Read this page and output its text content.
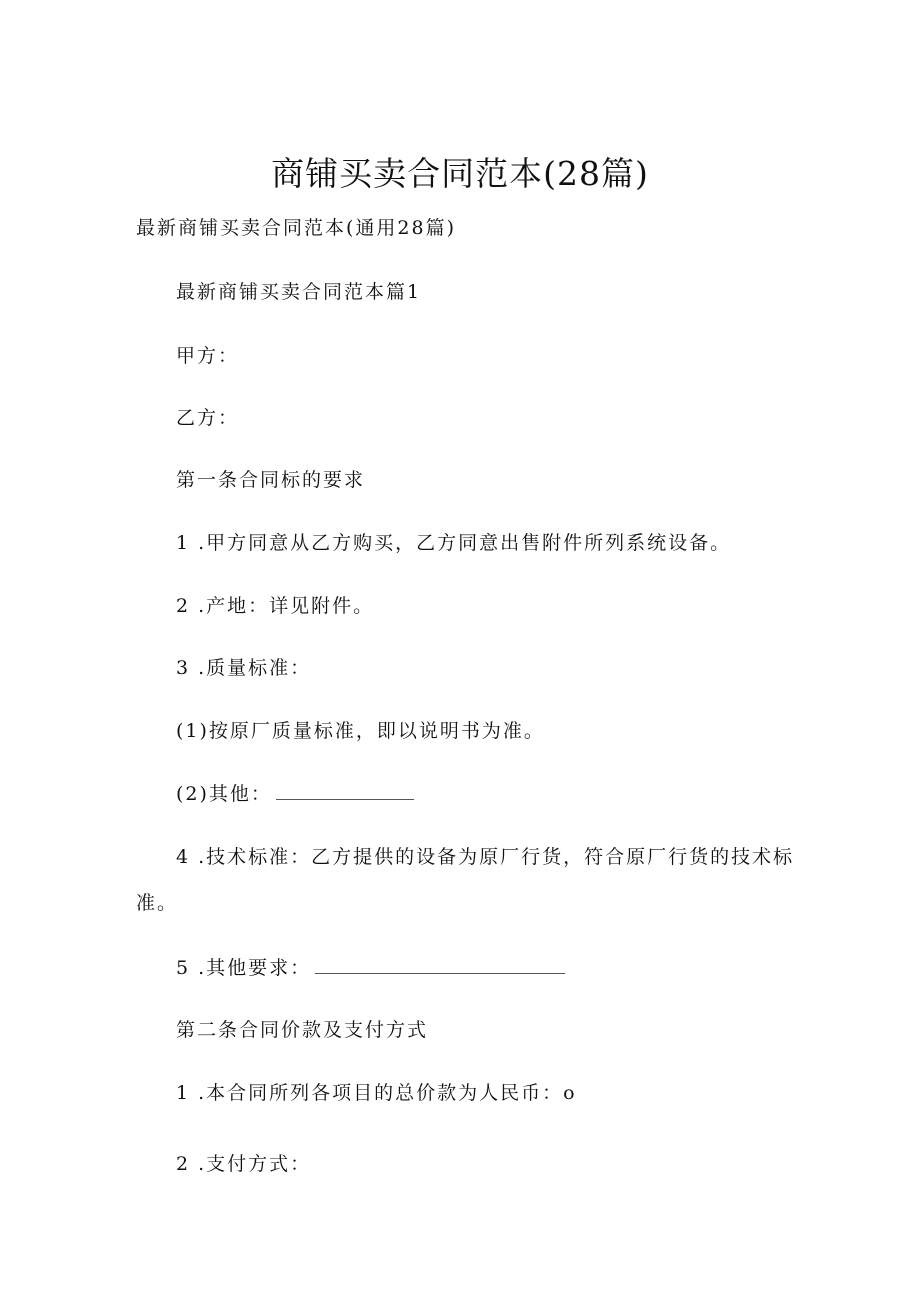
商铺买卖合同范本(28篇)
最新商铺买卖合同范本(通用28篇)
最新商铺买卖合同范本篇1
甲方：
乙方：
第一条合同标的要求
1 .甲方同意从乙方购买，乙方同意出售附件所列系统设备。
2 .产地：详见附件。
3 .质量标准：
(1)按原厂质量标准，即以说明书为准。
(2)其他：
4 .技术标准：乙方提供的设备为原厂行货，符合原厂行货的技术标
准。
5 .其他要求：
第二条合同价款及支付方式
1 .本合同所列各项目的总价款为人民币：o
2 .支付方式：
